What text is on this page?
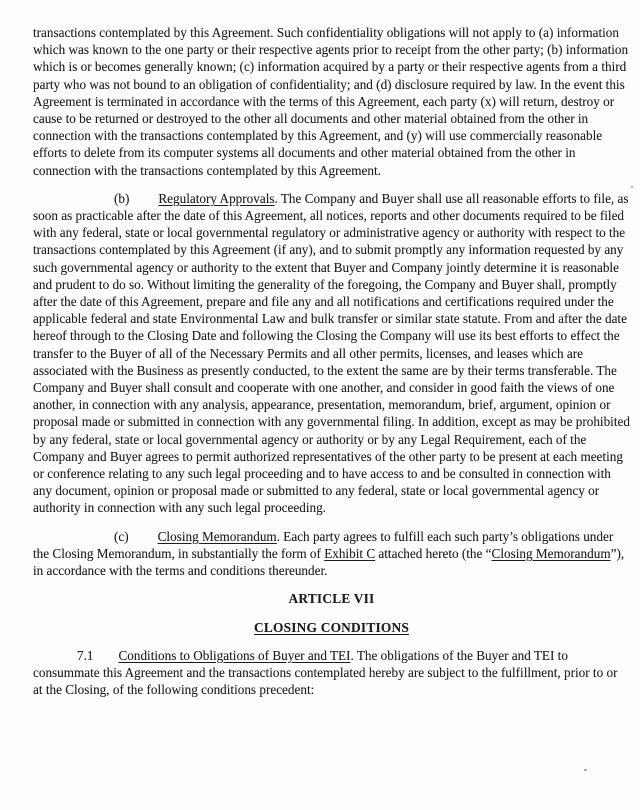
transactions contemplated by this Agreement. Such confidentiality obligations will not apply to (a) information which was known to the one party or their respective agents prior to receipt from the other party; (b) information which is or becomes generally known; (c) information acquired by a party or their respective agents from a third party who was not bound to an obligation of confidentiality; and (d) disclosure required by law. In the event this Agreement is terminated in accordance with the terms of this Agreement, each party (x) will return, destroy or cause to be returned or destroyed to the other all documents and other material obtained from the other in connection with the transactions contemplated by this Agreement, and (y) will use commercially reasonable efforts to delete from its computer systems all documents and other material obtained from the other in connection with the transactions contemplated by this Agreement.

(b) Regulatory Approvals. The Company and Buyer shall use all reasonable efforts to file, as soon as practicable after the date of this Agreement, all notices, reports and other documents required to be filed with any federal, state or local governmental regulatory or administrative agency or authority with respect to the transactions contemplated by this Agreement (if any), and to submit promptly any information requested by any such governmental agency or authority to the extent that Buyer and Company jointly determine it is reasonable and prudent to do so. Without limiting the generality of the foregoing, the Company and Buyer shall, promptly after the date of this Agreement, prepare and file any and all notifications and certifications required under the applicable federal and state Environmental Law and bulk transfer or similar state statute. From and after the date hereof through to the Closing Date and following the Closing the Company will use its best efforts to effect the transfer to the Buyer of all of the Necessary Permits and all other permits, licenses, and leases which are associated with the Business as presently conducted, to the extent the same are by their terms transferable. The Company and Buyer shall consult and cooperate with one another, and consider in good faith the views of one another, in connection with any analysis, appearance, presentation, memorandum, brief, argument, opinion or proposal made or submitted in connection with any governmental filing. In addition, except as may be prohibited by any federal, state or local governmental agency or authority or by any Legal Requirement, each of the Company and Buyer agrees to permit authorized representatives of the other party to be present at each meeting or conference relating to any such legal proceeding and to have access to and be consulted in connection with any document, opinion or proposal made or submitted to any federal, state or local governmental agency or authority in connection with any such legal proceeding.

(c) Closing Memorandum. Each party agrees to fulfill each such party’s obligations under the Closing Memorandum, in substantially the form of Exhibit C attached hereto (the “Closing Memorandum”), in accordance with the terms and conditions thereunder.

ARTICLE VII

CLOSING CONDITIONS

7.1 Conditions to Obligations of Buyer and TEI. The obligations of the Buyer and TEI to consummate this Agreement and the transactions contemplated hereby are subject to the fulfillment, prior to or at the Closing, of the following conditions precedent:
